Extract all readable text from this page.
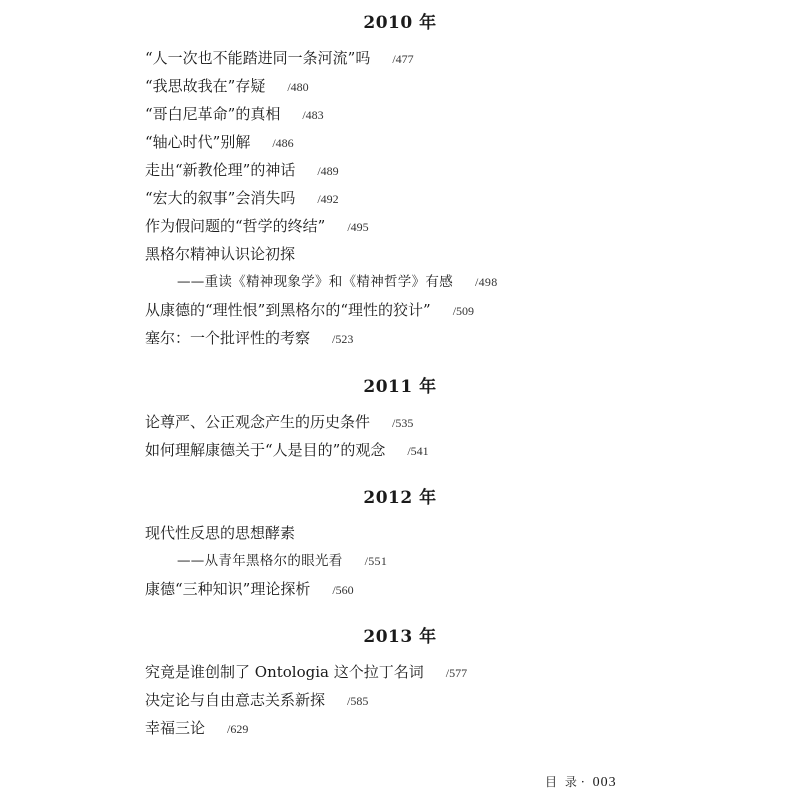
2010 年
“人一次也不能踏进同一条河流”吗 /477
“我思故我在”存疑 /480
“哥白尼革命”的真相 /483
“轴心时代”别解 /486
走出“新教伦理”的神话 /489
“宏大的叙事”会消失吗 /492
作为假问题的“哲学的终结” /495
黑格尔精神认识论初探
——重读《精神现象学》和《精神哲学》有感 /498
从康德的“理性恨”到黑格尔的“理性的狡计” /509
塞尔：一个批评性的考察 /523
2011 年
论尊严、公正观念产生的历史条件 /535
如何理解康德关于“人是目的”的观念 /541
2012 年
现代性反思的思想酵素
——从青年黑格尔的眼光看 /551
康德“三种知识”理论探析 /560
2013 年
究竟是谁创制了 Ontologia 这个拉丁名词 /577
决定论与自由意志关系新探 /585
幸福三论 /629
目 录 · 003
